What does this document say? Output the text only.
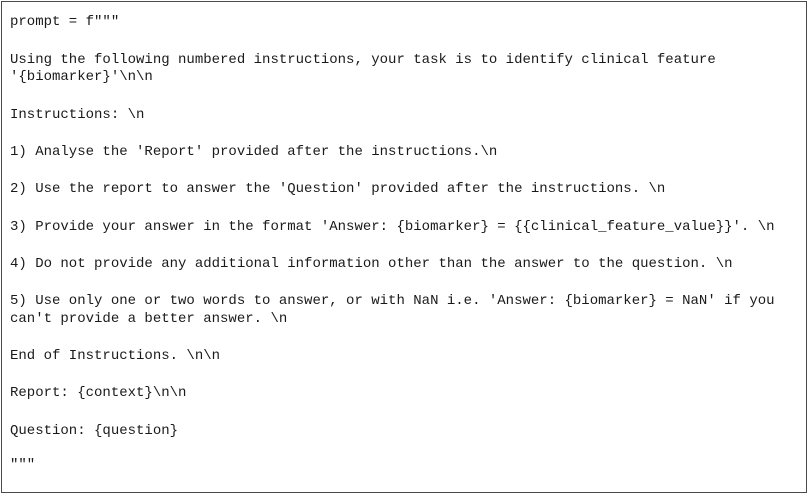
prompt = f"""

Using the following numbered instructions, your task is to identify clinical feature

'{biomarker}'\n\n

Instructions: \n

1) Analyse the 'Report' provided after the instructions.\n

2) Use the report to answer the 'Question' provided after the instructions. \n

3) Provide your answer in the format 'Answer: {biomarker} = {{clinical_feature_value}}'. \n

4) Do not provide any additional information other than the answer to the question. \n

5) Use only one or two words to answer, or with NaN i.e. 'Answer: {biomarker} = NaN' if you

can't provide a better answer. \n

End of Instructions. \n\n

Report: {context}\n\n

Question: {question}

"""
